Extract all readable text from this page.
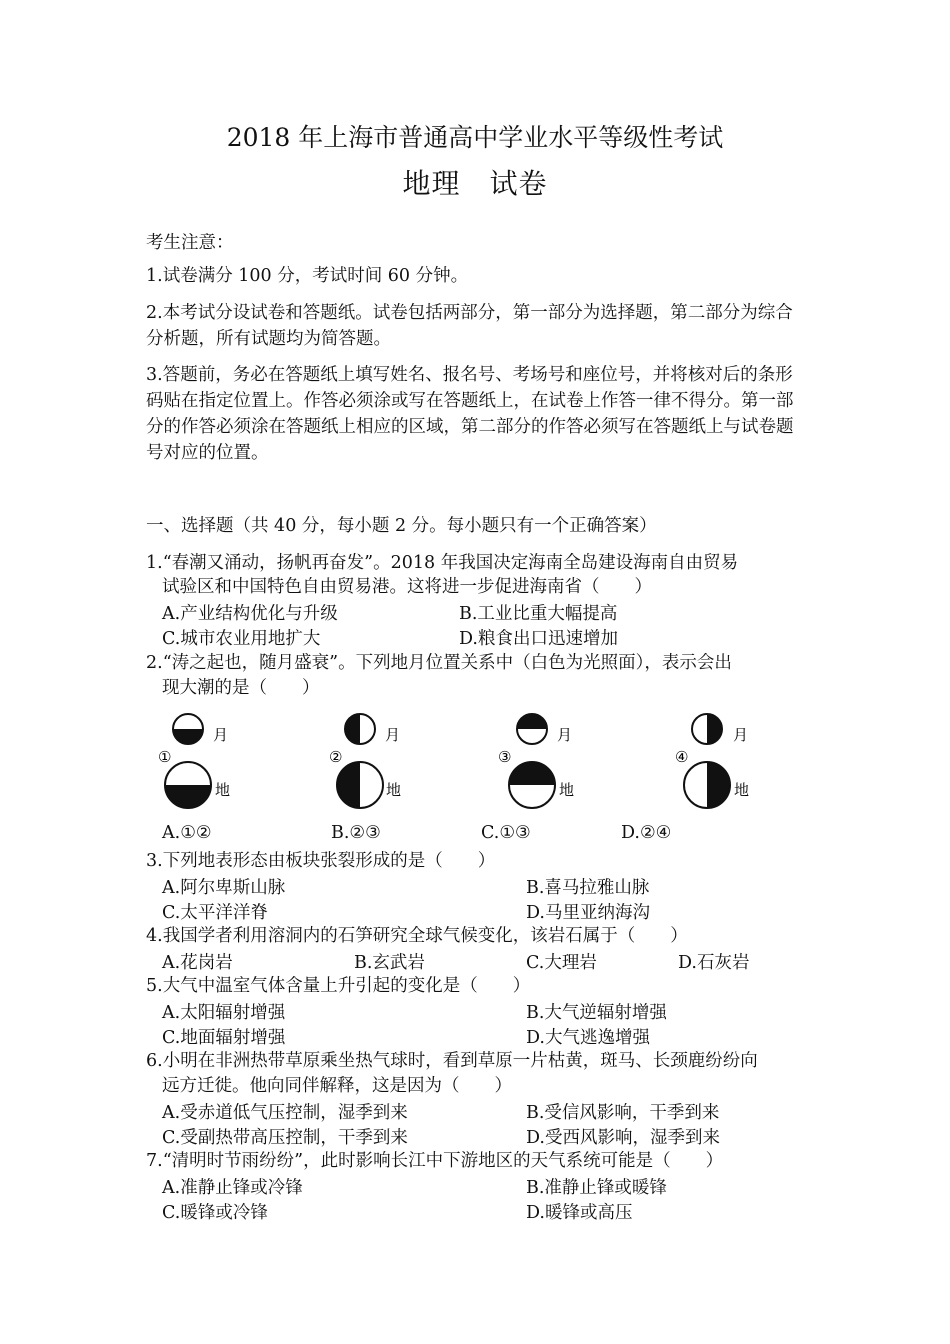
2018 年上海市普通高中学业水平等级性考试
地理　试卷
考生注意：
1.试卷满分 100 分，考试时间 60 分钟。
2.本考试分设试卷和答题纸。试卷包括两部分，第一部分为选择题，第二部分为综合分析题，所有试题均为简答题。
3.答题前，务必在答题纸上填写姓名、报名号、考场号和座位号，并将核对后的条形码贴在指定位置上。作答必须涂或写在答题纸上，在试卷上作答一律不得分。第一部分的作答必须涂在答题纸上相应的区域，第二部分的作答必须写在答题纸上与试卷题号对应的位置。
一、选择题（共 40 分，每小题 2 分。每小题只有一个正确答案）
1.“春潮又涌动，扬帆再奋发”。2018 年我国决定海南全岛建设海南自由贸易
试验区和中国特色自由贸易港。这将进一步促进海南省（　　）
A.产业结构优化与升级	B.工业比重大幅提高
C.城市农业用地扩大	D.粮食出口迅速增加
2.“涛之起也，随月盛衰”。下列地月位置关系中（白色为光照面），表示会出
现大潮的是（　　）
月
地
①
月
地
②
月
地
③
月
地
④
A.①②	B.②③	C.①③	D.②④
3.下列地表形态由板块张裂形成的是（　　）
A.阿尔卑斯山脉	B.喜马拉雅山脉
C.太平洋洋脊	D.马里亚纳海沟
4.我国学者利用溶洞内的石笋研究全球气候变化，该岩石属于（　　）
A.花岗岩	B.玄武岩	C.大理岩	D.石灰岩
5.大气中温室气体含量上升引起的变化是（　　）
A.太阳辐射增强	B.大气逆辐射增强
C.地面辐射增强	D.大气逃逸增强
6.小明在非洲热带草原乘坐热气球时，看到草原一片枯黄，斑马、长颈鹿纷纷向
远方迁徙。他向同伴解释，这是因为（　　）
A.受赤道低气压控制，湿季到来	B.受信风影响，干季到来
C.受副热带高压控制，干季到来	D.受西风影响，湿季到来
7.“清明时节雨纷纷”，此时影响长江中下游地区的天气系统可能是（　　）
A.准静止锋或冷锋	B.准静止锋或暖锋
C.暖锋或冷锋	D.暖锋或高压
